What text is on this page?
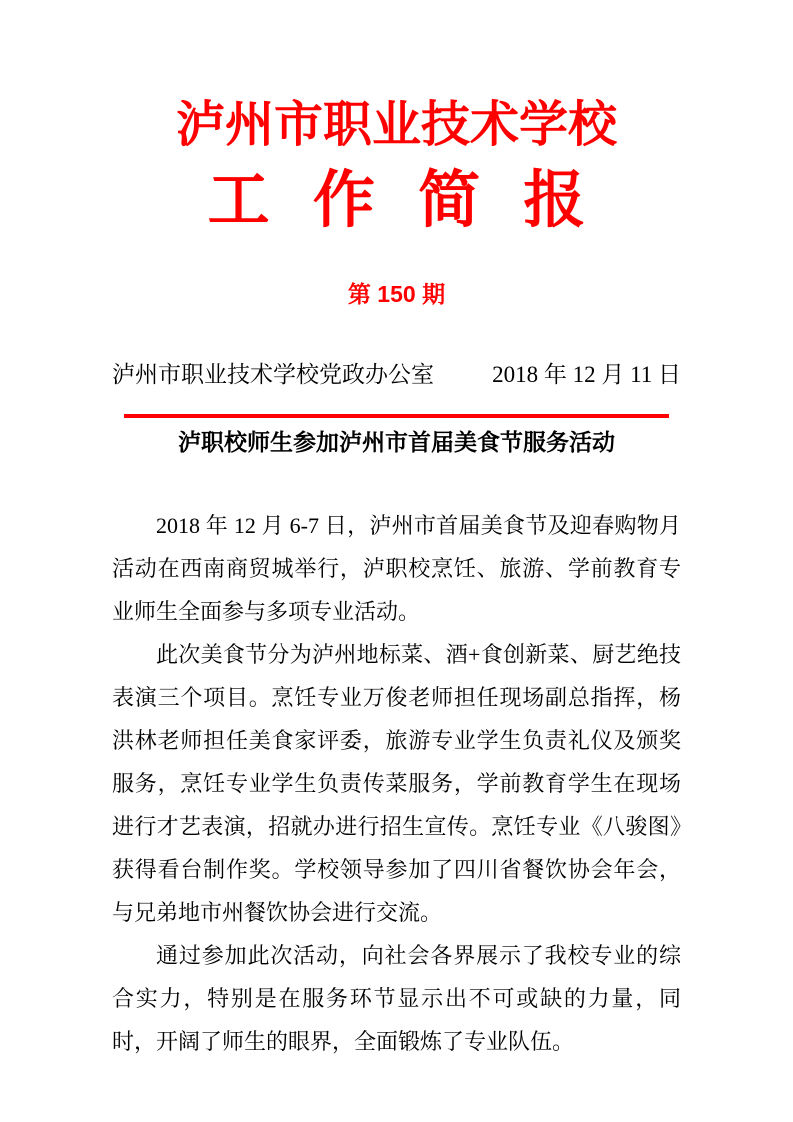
泸州市职业技术学校
工 作 简 报
第 150 期
泸州市职业技术学校党政办公室	2018 年 12 月 11 日
泸职校师生参加泸州市首届美食节服务活动

2018 年 12 月 6-7 日，泸州市首届美食节及迎春购物月活动在西南商贸城举行，泸职校烹饪、旅游、学前教育专业师生全面参与多项专业活动。

此次美食节分为泸州地标菜、酒+食创新菜、厨艺绝技表演三个项目。烹饪专业万俊老师担任现场副总指挥，杨洪林老师担任美食家评委，旅游专业学生负责礼仪及颁奖服务，烹饪专业学生负责传菜服务，学前教育学生在现场进行才艺表演，招就办进行招生宣传。烹饪专业《八骏图》获得看台制作奖。学校领导参加了四川省餐饮协会年会，与兄弟地市州餐饮协会进行交流。

通过参加此次活动，向社会各界展示了我校专业的综合实力，特别是在服务环节显示出不可或缺的力量，同时，开阔了师生的眼界，全面锻炼了专业队伍。
